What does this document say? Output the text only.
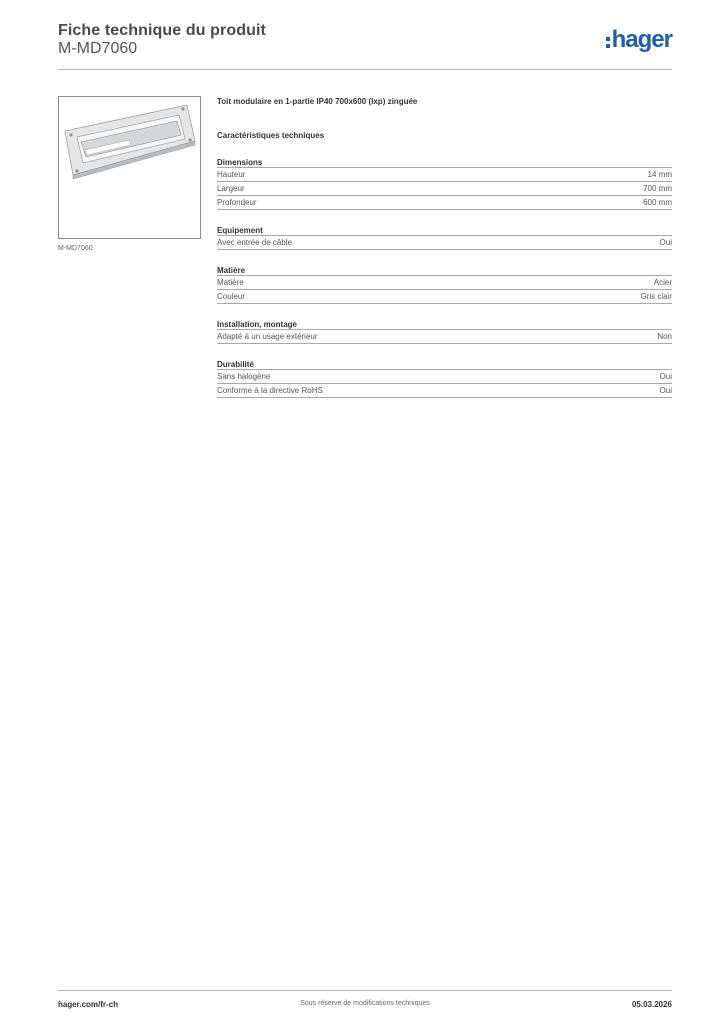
Fiche technique du produit
M-MD7060	hager
M-MD7060
Toit modulaire en 1-partie IP40 700x600 (lxp) zinguée
Caractéristiques techniques
Dimensions
Hauteur	14 mm
Largeur	700 mm
Profondeur	600 mm
Equipement
Avec entrée de câble	Oui
Matière
Matière	Acier
Couleur	Gris clair
Installation, montage
Adapté à un usage extérieur	Non
Durabilité
Sans halogène	Oui
Conforme à la directive RoHS	Oui
hager.com/fr-ch	Sous réserve de modifications techniques	05.03.2026
